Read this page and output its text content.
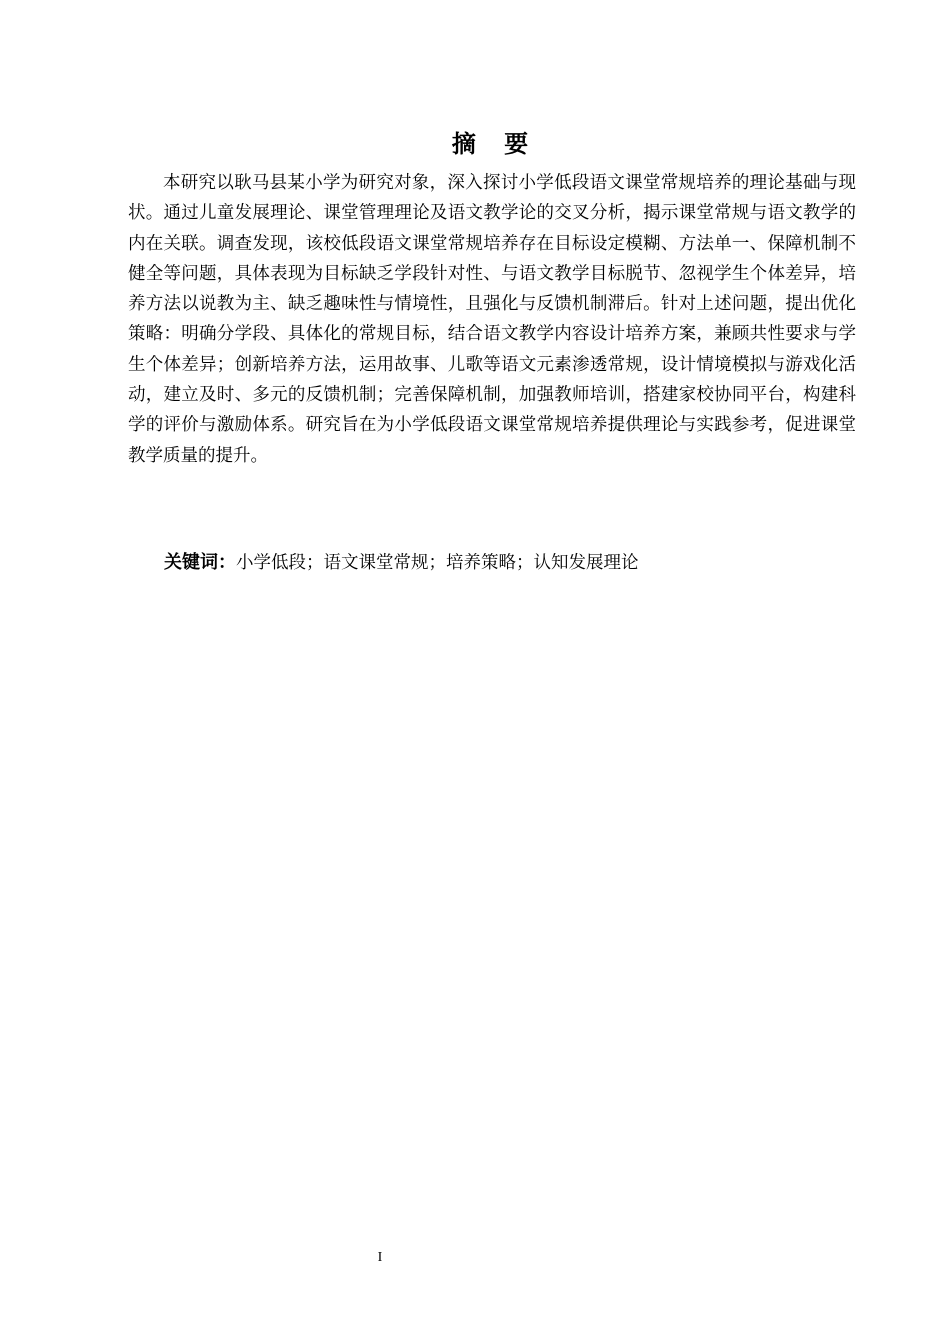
摘 要

本研究以耿马县某小学为研究对象，深入探讨小学低段语文课堂常规培养的理论基础与现状。通过儿童发展理论、课堂管理理论及语文教学论的交叉分析，揭示课堂常规与语文教学的内在关联。调查发现，该校低段语文课堂常规培养存在目标设定模糊、方法单一、保障机制不健全等问题，具体表现为目标缺乏学段针对性、与语文教学目标脱节、忽视学生个体差异，培养方法以说教为主、缺乏趣味性与情境性，且强化与反馈机制滞后。针对上述问题，提出优化策略：明确分学段、具体化的常规目标，结合语文教学内容设计培养方案，兼顾共性要求与学生个体差异；创新培养方法，运用故事、儿歌等语文元素渗透常规，设计情境模拟与游戏化活动，建立及时、多元的反馈机制；完善保障机制，加强教师培训，搭建家校协同平台，构建科学的评价与激励体系。研究旨在为小学低段语文课堂常规培养提供理论与实践参考，促进课堂教学质量的提升。

关键词：小学低段；语文课堂常规；培养策略；认知发展理论
I
